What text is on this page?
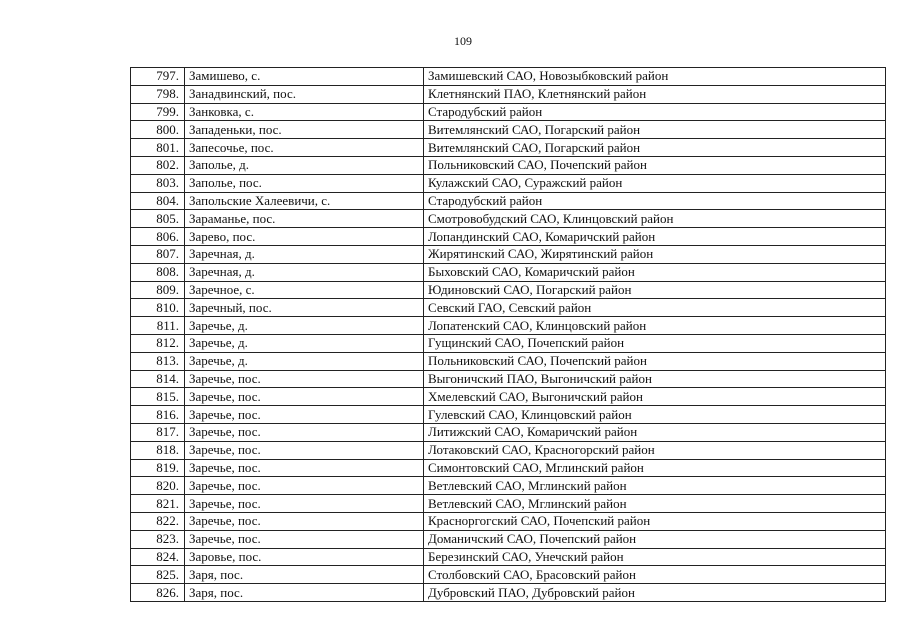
109
797.	Замишево, с.	Замишевский САО, Новозыбковский район
798.	Занадвинский, пос.	Клетнянский ПАО, Клетнянский район
799.	Занковка, с.	Стародубский район
800.	Западеньки, пос.	Витемлянский САО, Погарский район
801.	Запесочье, пос.	Витемлянский САО, Погарский район
802.	Заполье, д.	Польниковский САО, Почепский район
803.	Заполье, пос.	Кулажский САО, Суражский район
804.	Запольские Халеевичи, с.	Стародубский район
805.	Зараманье, пос.	Смотровобудский САО, Клинцовский район
806.	Зарево, пос.	Лопандинский САО, Комаричский район
807.	Заречная, д.	Жирятинский САО, Жирятинский район
808.	Заречная, д.	Быховский САО, Комаричский район
809.	Заречное, с.	Юдиновский САО, Погарский район
810.	Заречный, пос.	Севский ГАО, Севский район
811.	Заречье, д.	Лопатенский САО, Клинцовский район
812.	Заречье, д.	Гущинский САО, Почепский район
813.	Заречье, д.	Польниковский САО, Почепский район
814.	Заречье, пос.	Выгоничский ПАО, Выгоничский район
815.	Заречье, пос.	Хмелевский САО, Выгоничский район
816.	Заречье, пос.	Гулевский САО, Клинцовский район
817.	Заречье, пос.	Литижский САО, Комаричский район
818.	Заречье, пос.	Лотаковский САО, Красногорский район
819.	Заречье, пос.	Симонтовский САО, Мглинский район
820.	Заречье, пос.	Ветлевский САО, Мглинский район
821.	Заречье, пос.	Ветлевский САО, Мглинский район
822.	Заречье, пос.	Красноргогский САО, Почепский район
823.	Заречье, пос.	Доманичский САО, Почепский район
824.	Заровье, пос.	Березинский САО, Унечский район
825.	Заря, пос.	Столбовский САО, Брасовский район
826.	Заря, пос.	Дубровский ПАО, Дубровский район
